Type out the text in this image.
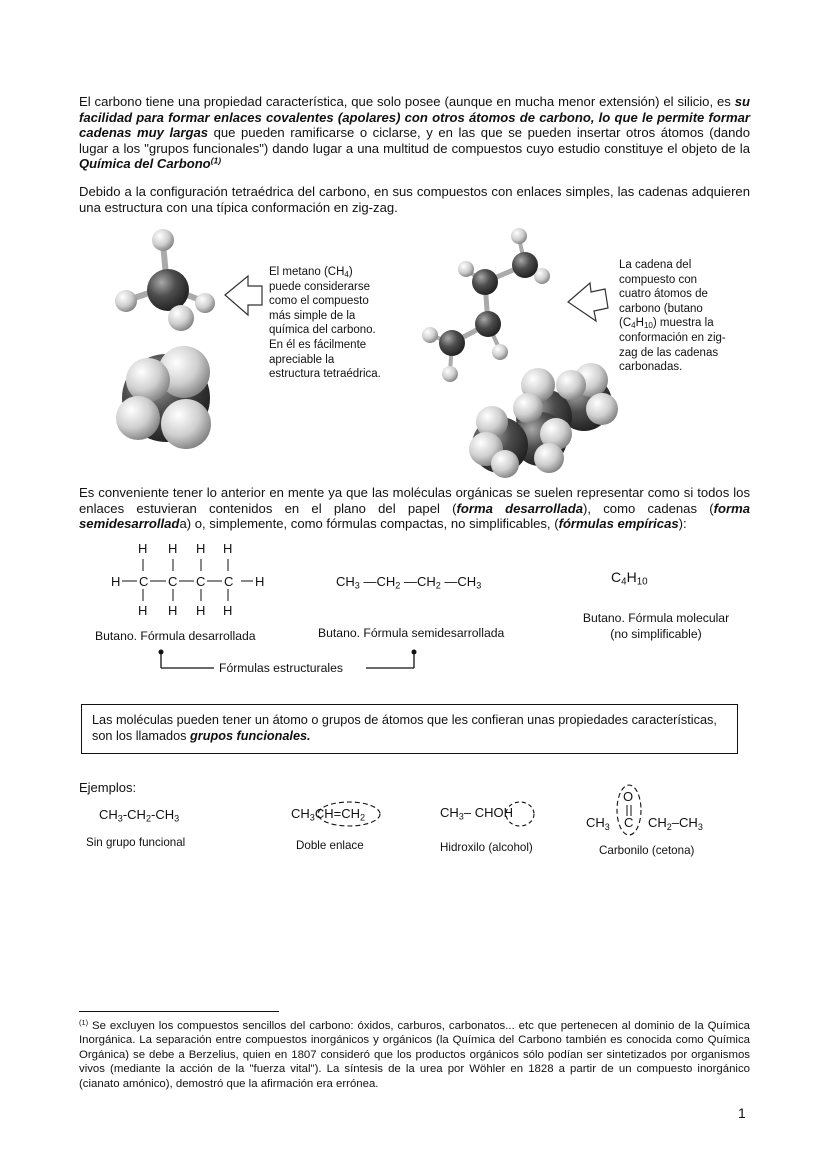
El carbono tiene una propiedad característica, que solo posee (aunque en mucha menor extensión) el silicio, es su facilidad para formar enlaces covalentes (apolares) con otros átomos de carbono, lo que le permite formar cadenas muy largas que pueden ramificarse o ciclarse, y en las que se pueden insertar otros átomos (dando lugar a los "grupos funcionales") dando lugar a una multitud de compuestos cuyo estudio constituye el objeto de la Química del Carbono$^{(1)}$
Debido a la configuración tetraédrica del carbono, en sus compuestos con enlaces simples, las cadenas adquieren una estructura con una típica conformación en zig-zag.
El metano $(CH_4)$ puede considerarse como el compuesto más simple de la química del carbono. En él es fácilmente apreciable la estructura tetraédrica.
La cadena del compuesto con cuatro átomos de carbono (butano $(C_4H_{10})$ muestra la conformación en zig-zag de las cadenas carbonadas.
Es conveniente tener lo anterior en mente ya que las moléculas orgánicas se suelen representar como si todos los enlaces estuvieran contenidos en el plano del papel (forma desarrollada), como cadenas (forma semidesarrollada) o, simplemente, como fórmulas compactas, no simplificables, (fórmulas empíricas):
H H H H
H C C C C H
H H H H
$CH_3$ $—CH_2$ $—CH_2$ $—CH_3$
$C_4H_{10}$
Butano. Fórmula desarrollada	Butano. Fórmula semidesarrollada
Butano. Fórmula molecular
(no simplificable)
Fórmulas estructurales
Las moléculas pueden tener un átomo o grupos de átomos que les confieran unas propiedades características, son los llamados grupos funcionales.
Ejemplos:
$CH_3-CH_2-CH_3$	$CH_3CH=CH_2$	$CH_3-$ CHOH
$CH_3$ C
O
$CH_2-CH_3$
Sin grupo funcional	Doble enlace	Hidroxilo (alcohol)	Carbonilo (cetona)
$^{(1)}$ Se excluyen los compuestos sencillos del carbono: óxidos, carburos, carbonatos... etc que pertenecen al dominio de la Química Inorgánica. La separación entre compuestos inorgánicos y orgánicos (la Química del Carbono también es conocida como Química Orgánica) se debe a Berzelius, quien en 1807 consideró que los productos orgánicos sólo podían ser sintetizados por organismos vivos (mediante la acción de la "fuerza vital"). La síntesis de la urea por Wöhler en 1828 a partir de un compuesto inorgánico (cianato amónico), demostró que la afirmación era errónea.
1
